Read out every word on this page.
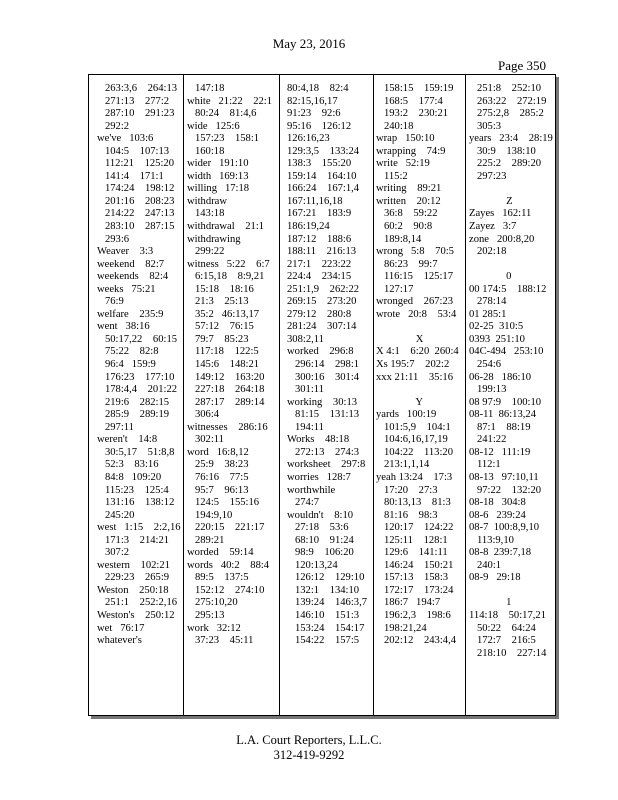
May 23, 2016
Page 350
263:3,6    264:13
271:13    277:2
287:10    291:23
292:2
we've   103:6
104:5    107:13
112:21    125:20
141:4    171:1
174:24    198:12
201:16    208:23
214:22    247:13
283:10    287:15
293:6
Weaver    3:3
weekend    82:7
weekends    82:4
weeks   75:21
76:9
welfare    235:9
went   38:16
50:17,22    60:15
75:22    82:8
96:4   159:9
176:23    177:10
178:4,4    201:22
219:6    282:15
285:9    289:19
297:11
weren't    14:8
30:5,17    51:8,8
52:3    83:16
84:8   109:20
115:23    125:4
131:16    138:12
245:20
west   1:15    2:2,16
171:3    214:21
307:2
western    102:21
229:23    265:9
Weston    250:18
251:1    252:2,16
Weston's    250:12
wet   76:17
whatever's
147:18
white   21:22    22:1
80:24    81:4,6
wide   125:6
157:23    158:1
160:18
wider   191:10
width   169:13
willing   17:18
withdraw
143:18
withdrawal    21:1
withdrawing
299:22
witness   5:22    6:7
6:15,18    8:9,21
15:18    18:16
21:3    25:13
35:2   46:13,17
57:12    76:15
79:7    85:23
117:18    122:5
145:6    148:21
149:12    163:20
227:18    264:18
287:17    289:14
306:4
witnesses    286:16
302:11
word   16:8,12
25:9    38:23
76:16    77:5
95:7    96:13
124:5    155:16
194:9,10
220:15    221:17
289:21
worded    59:14
words   40:2    88:4
89:5    137:5
152:12    274:10
275:10,20
295:13
work   32:12
37:23    45:11
80:4,18    82:4
82:15,16,17
91:23    92:6
95:16    126:12
126:16,23
129:3,5    133:24
138:3    155:20
159:14    164:10
166:24    167:1,4
167:11,16,18
167:21    183:9
186:19,24
187:12    188:6
188:11    216:13
217:1    223:22
224:4    234:15
251:1,9    262:22
269:15    273:20
279:12    280:8
281:24    307:14
308:2,11
worked    296:8
296:14    298:1
300:16    301:4
301:11
working    30:13
81:15    131:13
194:11
Works    48:18
272:13    274:3
worksheet    297:8
worries   128:7
worthwhile
274:7
wouldn't    8:10
27:18    53:6
68:10    91:24
98:9    106:20
120:13,24
126:12    129:10
132:1    134:10
139:24    146:3,7
146:10    151:3
153:24    154:17
154:22    157:5
158:15    159:19
168:5    177:4
193:2    230:21
240:18
wrap   150:10
wrapping    74:9
write   52:19
115:2
writing    89:21
written    20:12
36:8    59:22
60:2    90:8
189:8,14
wrong   5:8    70:5
86:23    99:7
116:15    125:17
127:17
wronged    267:23
wrote   20:8    53:4
X
X 4:1    6:20  260:4
Xs 195:7    202:2
xxx 21:11    35:16
Y
yards   100:19
101:5,9    104:1
104:6,16,17,19
104:22    113:20
213:1,1,14
yeah 13:24    17:3
17:20    27:3
80:13,13    81:3
81:16    98:3
120:17    124:22
125:11    128:1
129:6    141:11
146:24    150:21
157:13    158:3
172:17    173:24
186:7   194:7
196:2,3    198:6
198:21,24
202:12    243:4,4
251:8    252:10
263:22    272:19
275:2,8    285:2
305:3
years   23:4    28:19
30:9    138:10
225:2    289:20
297:23
Z
Zayes   162:11
Zayez   3:7
zone   200:8,20
202:18
0
00 174:5    188:12
278:14
01 285:1
02-25  310:5
0393  251:10
04C-494   253:10
254:6
06-28   186:10
199:13
08 97:9    100:10
08-11  86:13,24
87:1    88:19
241:22
08-12   111:19
112:1
08-13   97:10,11
97:22    132:20
08-18   304:8
08-6   239:24
08-7  100:8,9,10
113:9,10
08-8  239:7,18
240:1
08-9   29:18
1
114:18    50:17,21
50:22    64:24
172:7    216:5
218:10    227:14
L.A. Court Reporters, L.L.C.
312-419-9292
